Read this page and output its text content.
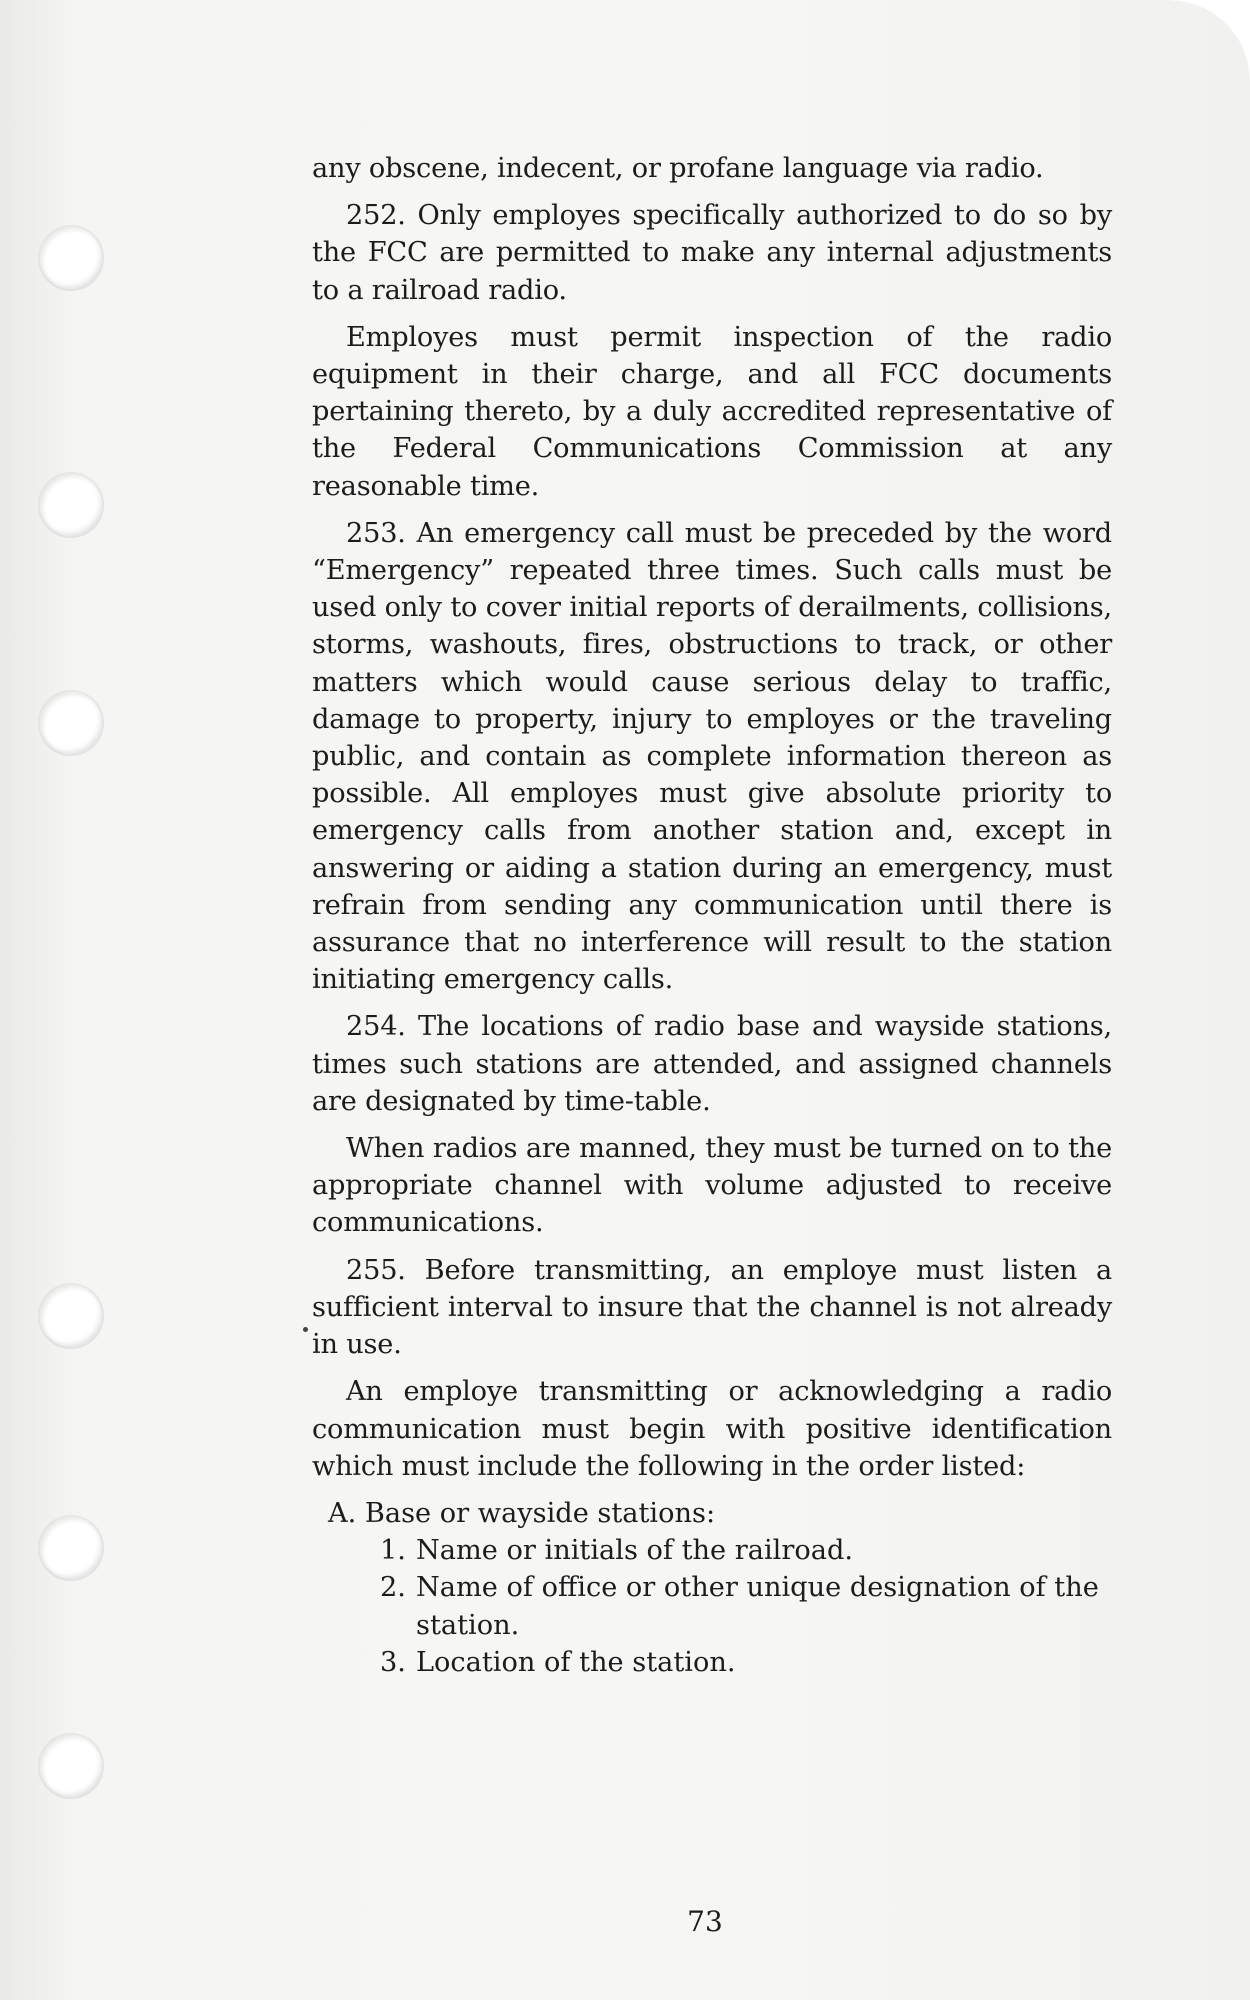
any obscene, indecent, or profane language via radio.

252. Only employes specifically authorized to do so by the FCC are permitted to make any internal adjustments to a railroad radio.

Employes must permit inspection of the radio equipment in their charge, and all FCC documents pertaining thereto, by a duly accredited representative of the Federal Communications Commission at any reasonable time.

253. An emergency call must be preceded by the word “Emergency” repeated three times. Such calls must be used only to cover initial reports of derailments, collisions, storms, washouts, fires, obstructions to track, or other matters which would cause serious delay to traffic, damage to property, injury to employes or the traveling public, and contain as complete information thereon as possible. All employes must give absolute priority to emergency calls from another station and, except in answering or aiding a station during an emergency, must refrain from sending any communication until there is assurance that no interference will result to the station initiating emergency calls.

254. The locations of radio base and wayside stations, times such stations are attended, and assigned channels are designated by time-table.

When radios are manned, they must be turned on to the appropriate channel with volume adjusted to receive communications.

255. Before transmitting, an employe must listen a sufficient interval to insure that the channel is not already in use.

An employe transmitting or acknowledging a radio communication must begin with positive identification which must include the following in the order listed:

A. Base or wayside stations:
1. Name or initials of the railroad.
2. Name of office or other unique designation of the station.
3. Location of the station.
73
